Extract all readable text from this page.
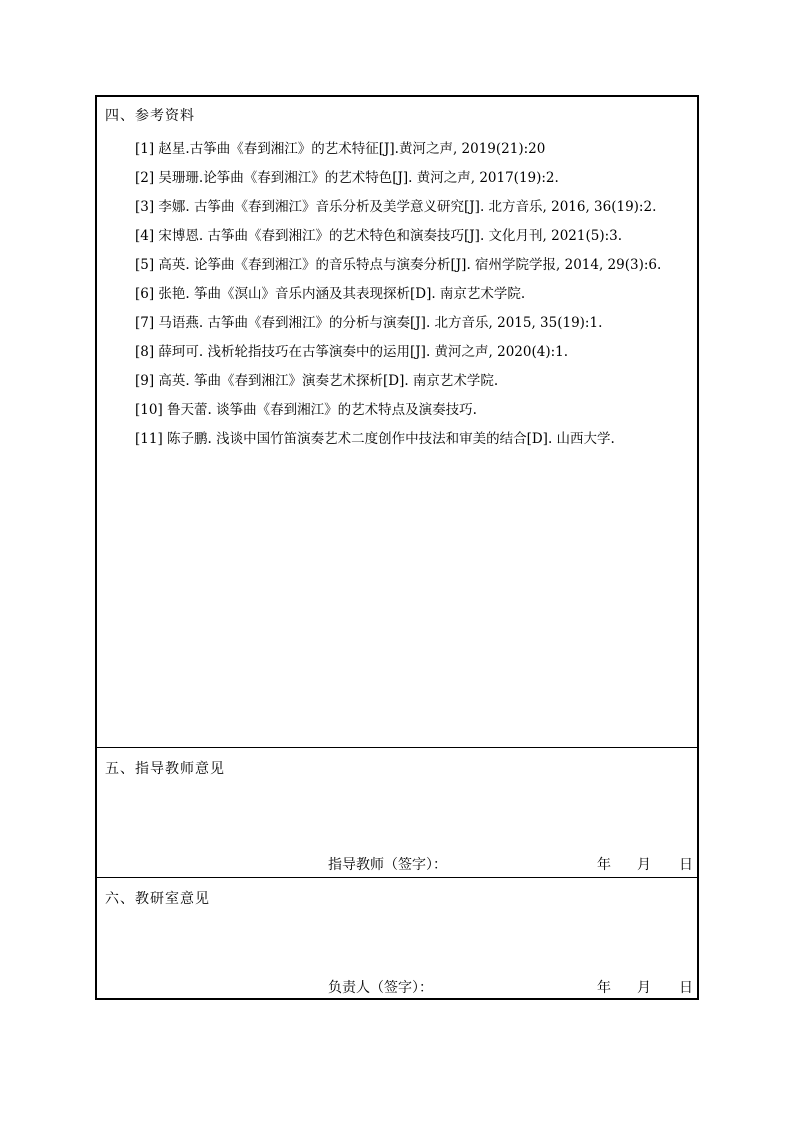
四、参考资料
[1] 赵星.古筝曲《春到湘江》的艺术特征[J].黄河之声, 2019(21):20
[2] 吴珊珊.论筝曲《春到湘江》的艺术特色[J]. 黄河之声, 2017(19):2.
[3] 李娜. 古筝曲《春到湘江》音乐分析及美学意义研究[J]. 北方音乐, 2016, 36(19):2.
[4] 宋博恩. 古筝曲《春到湘江》的艺术特色和演奏技巧[J]. 文化月刊, 2021(5):3.
[5] 高英. 论筝曲《春到湘江》的音乐特点与演奏分析[J]. 宿州学院学报, 2014, 29(3):6.
[6] 张艳. 筝曲《溟山》音乐内涵及其表现探析[D]. 南京艺术学院.
[7] 马语燕. 古筝曲《春到湘江》的分析与演奏[J]. 北方音乐, 2015, 35(19):1.
[8] 薛珂可. 浅析轮指技巧在古筝演奏中的运用[J]. 黄河之声, 2020(4):1.
[9] 高英. 筝曲《春到湘江》演奏艺术探析[D]. 南京艺术学院.
[10] 鲁天蕾. 谈筝曲《春到湘江》的艺术特点及演奏技巧.
[11] 陈子鹏. 浅谈中国竹笛演奏艺术二度创作中技法和审美的结合[D]. 山西大学.
五、指导教师意见
指导教师（签字）：	年 月 日
六、教研室意见
负责人（签字）：	年 月 日
